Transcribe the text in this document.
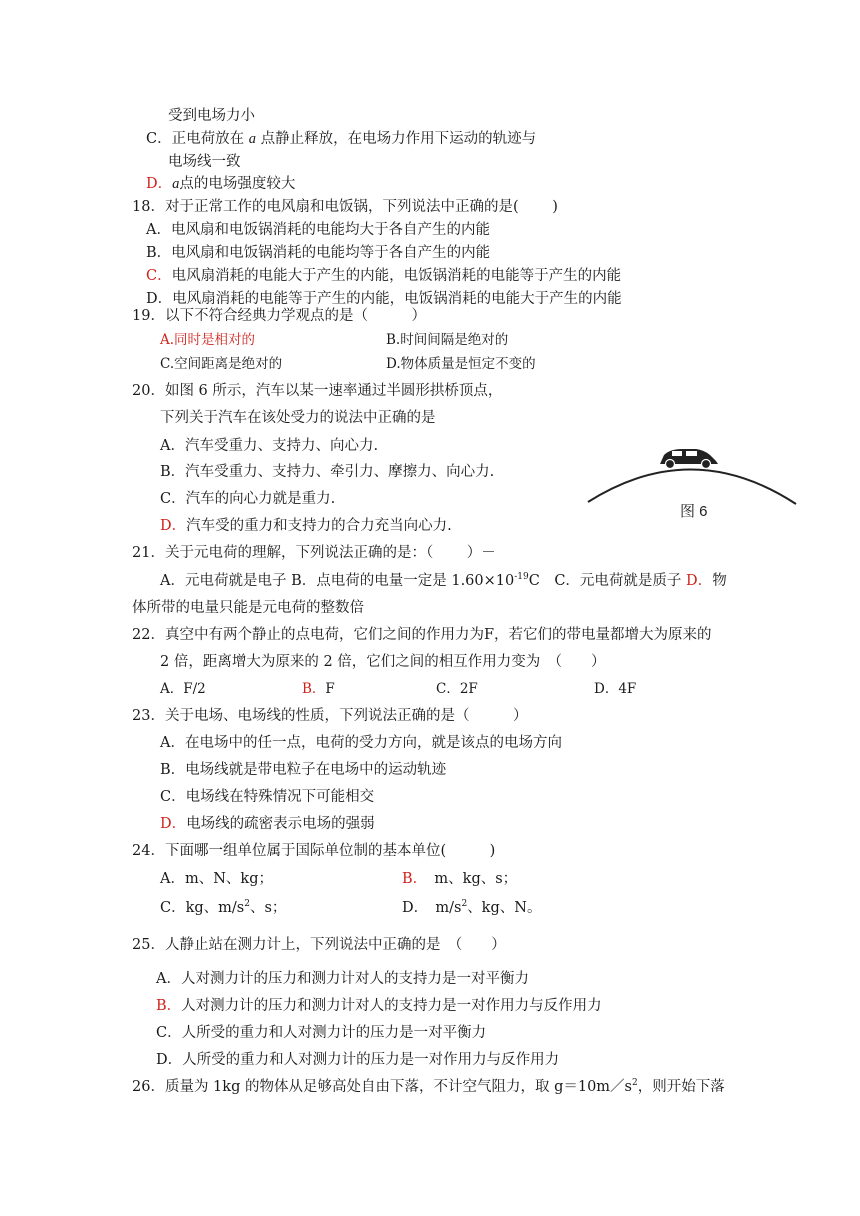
受到电场力小
C．正电荷放在 a 点静止释放，在电场力作用下运动的轨迹与
电场线一致
D．a点的电场强度较大
18．对于正常工作的电风扇和电饭锅，下列说法中正确的是(　　 )
A．电风扇和电饭锅消耗的电能均大于各自产生的内能
B．电风扇和电饭锅消耗的电能均等于各自产生的内能
C．电风扇消耗的电能大于产生的内能，电饭锅消耗的电能等于产生的内能
D．电风扇消耗的电能等于产生的内能，电饭锅消耗的电能大于产生的内能
19．以下不符合经典力学观点的是（　　　）
A.同时是相对的	B.时间间隔是绝对的
C.空间距离是绝对的	D.物体质量是恒定不变的
20．如图 6 所示，汽车以某一速率通过半圆形拱桥顶点，
下列关于汽车在该处受力的说法中正确的是
A．汽车受重力、支持力、向心力.
B．汽车受重力、支持力、牵引力、摩擦力、向心力.
C．汽车的向心力就是重力.
D．汽车受的重力和支持力的合力充当向心力.
图 6
21．关于元电荷的理解，下列说法正确的是：（　　 ）－
A．元电荷就是电子 B．点电荷的电量一定是 $1.60\times 10^{-19}C$　C．元电荷就是质子 D．物
体所带的电量只能是元电荷的整数倍
22．真空中有两个静止的点电荷，它们之间的作用力为F，若它们的带电量都增大为原来的
2 倍，距离增大为原来的 2 倍，它们之间的相互作用力变为　（　　）
A．F/2	B．F	C．2F	D．4F
23．关于电场、电场线的性质，下列说法正确的是（　　　）
A．在电场中的任一点，电荷的受力方向，就是该点的电场方向
B．电场线就是带电粒子在电场中的运动轨迹
C．电场线在特殊情况下可能相交
D．电场线的疏密表示电场的强弱
24．下面哪一组单位属于国际单位制的基本单位(　　　)
A．m、N、kg；	B．　m、kg、s；
C．kg、$m/s^2$、s；	D．　$m/s^2$、kg、N。
25．人静止站在测力计上，下列说法中正确的是　（　　）
A．人对测力计的压力和测力计对人的支持力是一对平衡力
B．人对测力计的压力和测力计对人的支持力是一对作用力与反作用力
C．人所受的重力和人对测力计的压力是一对平衡力
D．人所受的重力和人对测力计的压力是一对作用力与反作用力
26．质量为 1kg 的物体从足够高处自由下落，不计空气阻力，取 $g=10m/s^2$，则开始下落
